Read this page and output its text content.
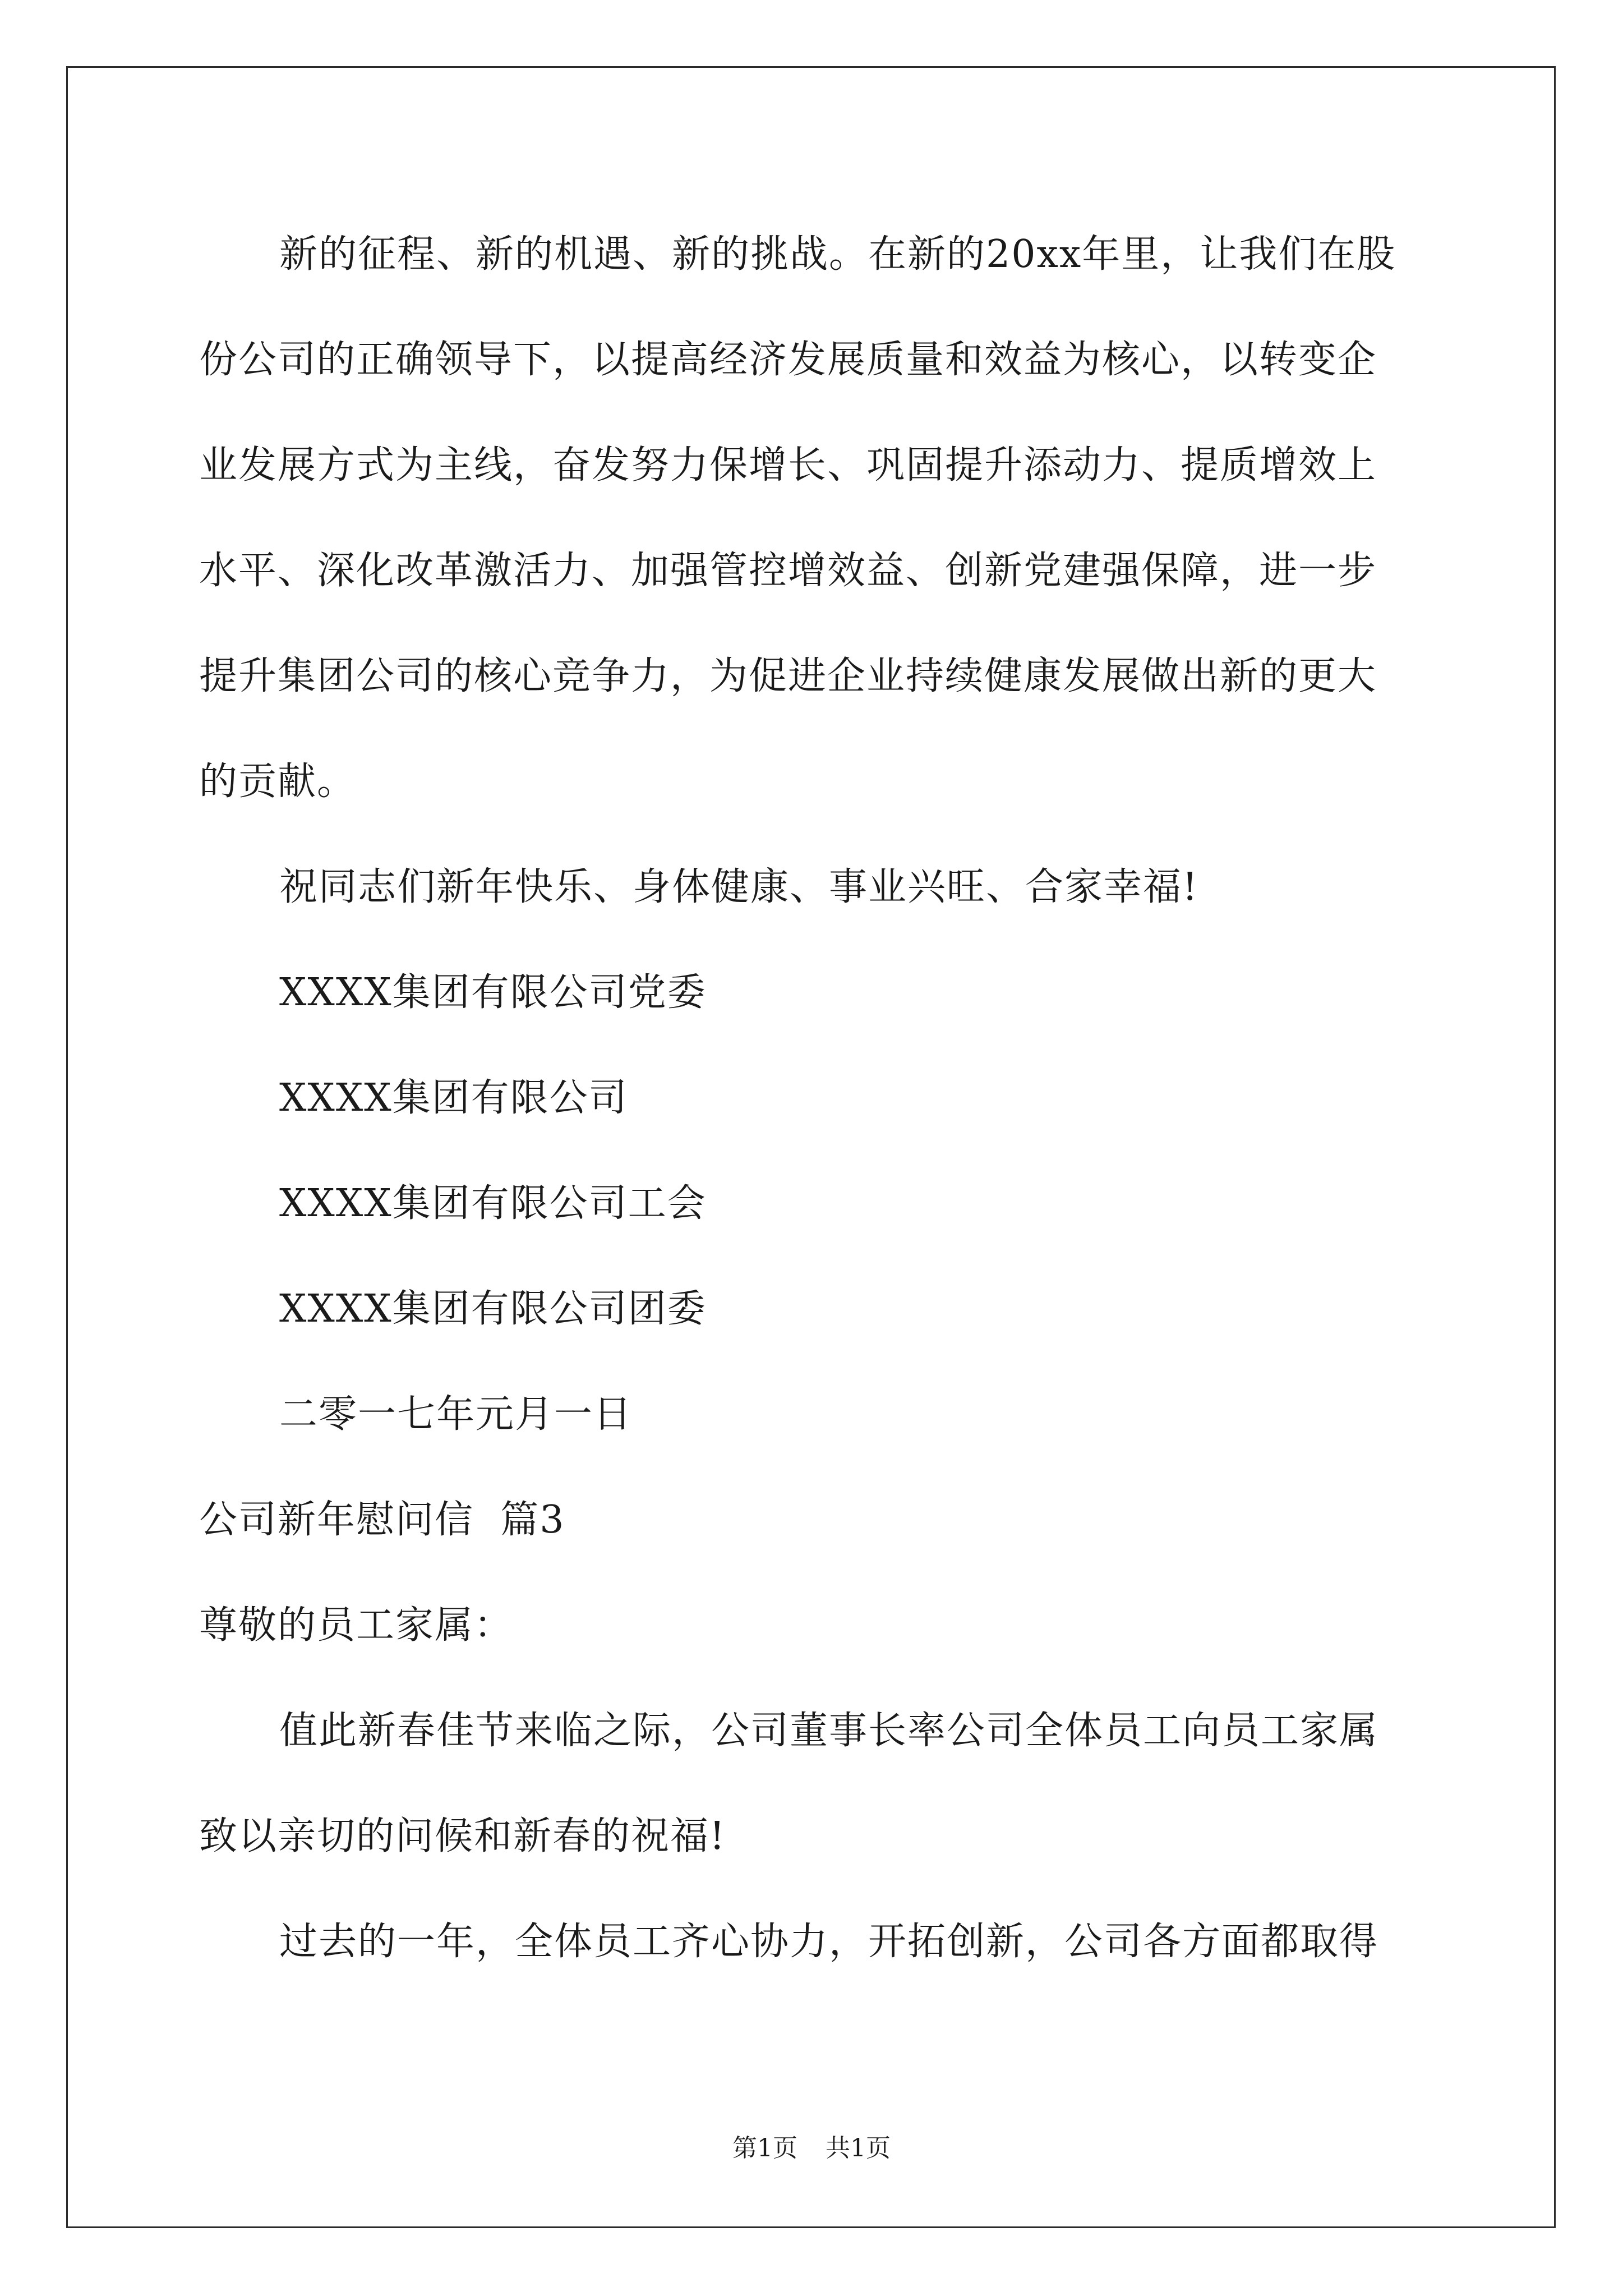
新的征程、新的机遇、新的挑战。在新的20xx年里，让我们在股
份公司的正确领导下，以提高经济发展质量和效益为核心，以转变企
业发展方式为主线，奋发努力保增长、巩固提升添动力、提质增效上
水平、深化改革激活力、加强管控增效益、创新党建强保障，进一步
提升集团公司的核心竞争力，为促进企业持续健康发展做出新的更大
的贡献。
祝同志们新年快乐、身体健康、事业兴旺、合家幸福!
XXXX集团有限公司党委
XXXX集团有限公司
XXXX集团有限公司工会
XXXX集团有限公司团委
二零一七年元月一日
公司新年慰问信  篇3
尊敬的员工家属：
值此新春佳节来临之际，公司董事长率公司全体员工向员工家属
致以亲切的问候和新春的祝福!
过去的一年，全体员工齐心协力，开拓创新，公司各方面都取得
第1页 共1页
